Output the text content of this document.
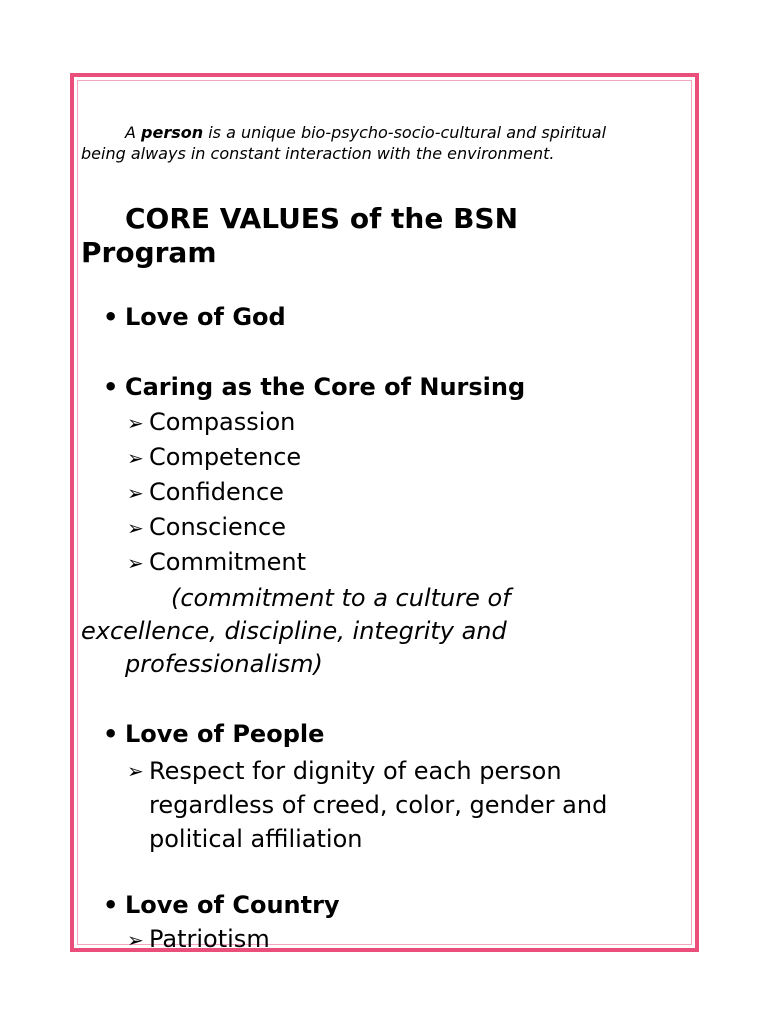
A person is a unique bio-psycho-socio-cultural and spiritual
being always in constant interaction with the environment.
CORE VALUES of the BSN
Program
• Love of God
• Caring as the Core of Nursing
➢ Compassion
➢ Competence
➢ Confidence
➢ Conscience
➢ Commitment
(commitment to a culture of
excellence, discipline, integrity and
professionalism)
• Love of People
➢ Respect for dignity of each person regardless of creed, color, gender and political affiliation
• Love of Country
➢ Patriotism
